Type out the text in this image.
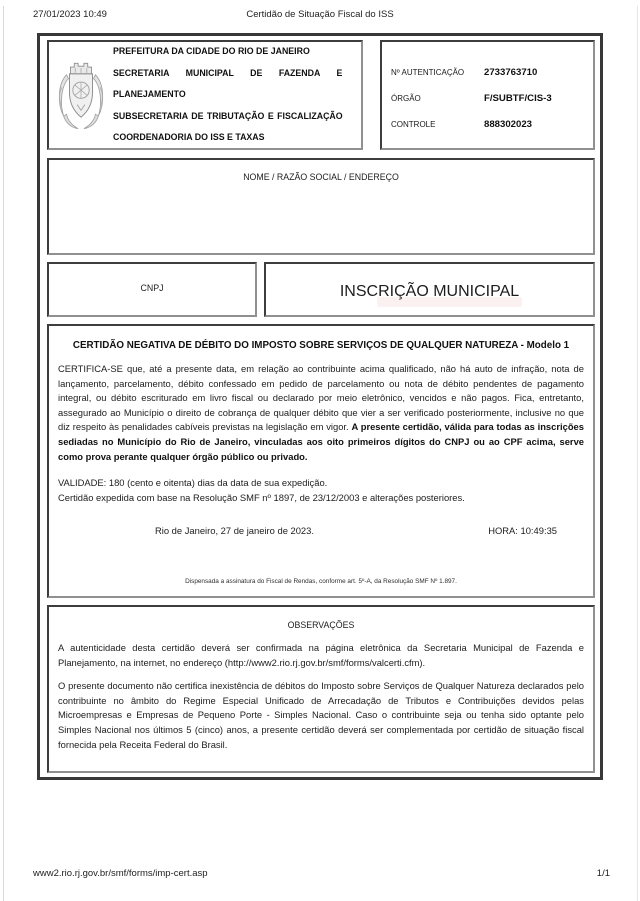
27/01/2023 10:49	Certidão de Situação Fiscal do ISS
PREFEITURA DA CIDADE DO RIO DE JANEIRO
SECRETARIA MUNICIPAL DE FAZENDA E
PLANEJAMENTO
SUBSECRETARIA DE TRIBUTAÇÃO E FISCALIZAÇÃO
COORDENADORIA DO ISS E TAXAS
Nº AUTENTICAÇÃO	2733763710
ÓRGÃO	F/SUBTF/CIS-3
CONTROLE	888302023
NOME / RAZÃO SOCIAL / ENDEREÇO
CNPJ	INSCRIÇÃO MUNICIPAL
CERTIDÃO NEGATIVA DE DÉBITO DO IMPOSTO SOBRE SERVIÇOS DE QUALQUER NATUREZA - Modelo 1
CERTIFICA-SE que, até a presente data, em relação ao contribuinte acima qualificado, não há auto de infração, nota de lançamento, parcelamento, débito confessado em pedido de parcelamento ou nota de débito pendentes de pagamento integral, ou débito escriturado em livro fiscal ou declarado por meio eletrônico, vencidos e não pagos. Fica, entretanto, assegurado ao Município o direito de cobrança de qualquer débito que vier a ser verificado posteriormente, inclusive no que diz respeito às penalidades cabíveis previstas na legislação em vigor. A presente certidão, válida para todas as inscrições sediadas no Município do Rio de Janeiro, vinculadas aos oito primeiros dígitos do CNPJ ou ao CPF acima, serve como prova perante qualquer órgão público ou privado.
VALIDADE: 180 (cento e oitenta) dias da data de sua expedição.
Certidão expedida com base na Resolução SMF nº 1897, de 23/12/2003 e alterações posteriores.
Rio de Janeiro, 27 de janeiro de 2023.	HORA: 10:49:35
Dispensada a assinatura do Fiscal de Rendas, conforme art. 5º-A, da Resolução SMF Nº 1.897.
OBSERVAÇÕES
A autenticidade desta certidão deverá ser confirmada na página eletrônica da Secretaria Municipal de Fazenda e Planejamento, na internet, no endereço (http://www2.rio.rj.gov.br/smf/forms/valcerti.cfm).
O presente documento não certifica inexistência de débitos do Imposto sobre Serviços de Qualquer Natureza declarados pelo contribuinte no âmbito do Regime Especial Unificado de Arrecadação de Tributos e Contribuições devidos pelas Microempresas e Empresas de Pequeno Porte - Simples Nacional. Caso o contribuinte seja ou tenha sido optante pelo Simples Nacional nos últimos 5 (cinco) anos, a presente certidão deverá ser complementada por certidão de situação fiscal fornecida pela Receita Federal do Brasil.
www2.rio.rj.gov.br/smf/forms/imp-cert.asp	1/1
